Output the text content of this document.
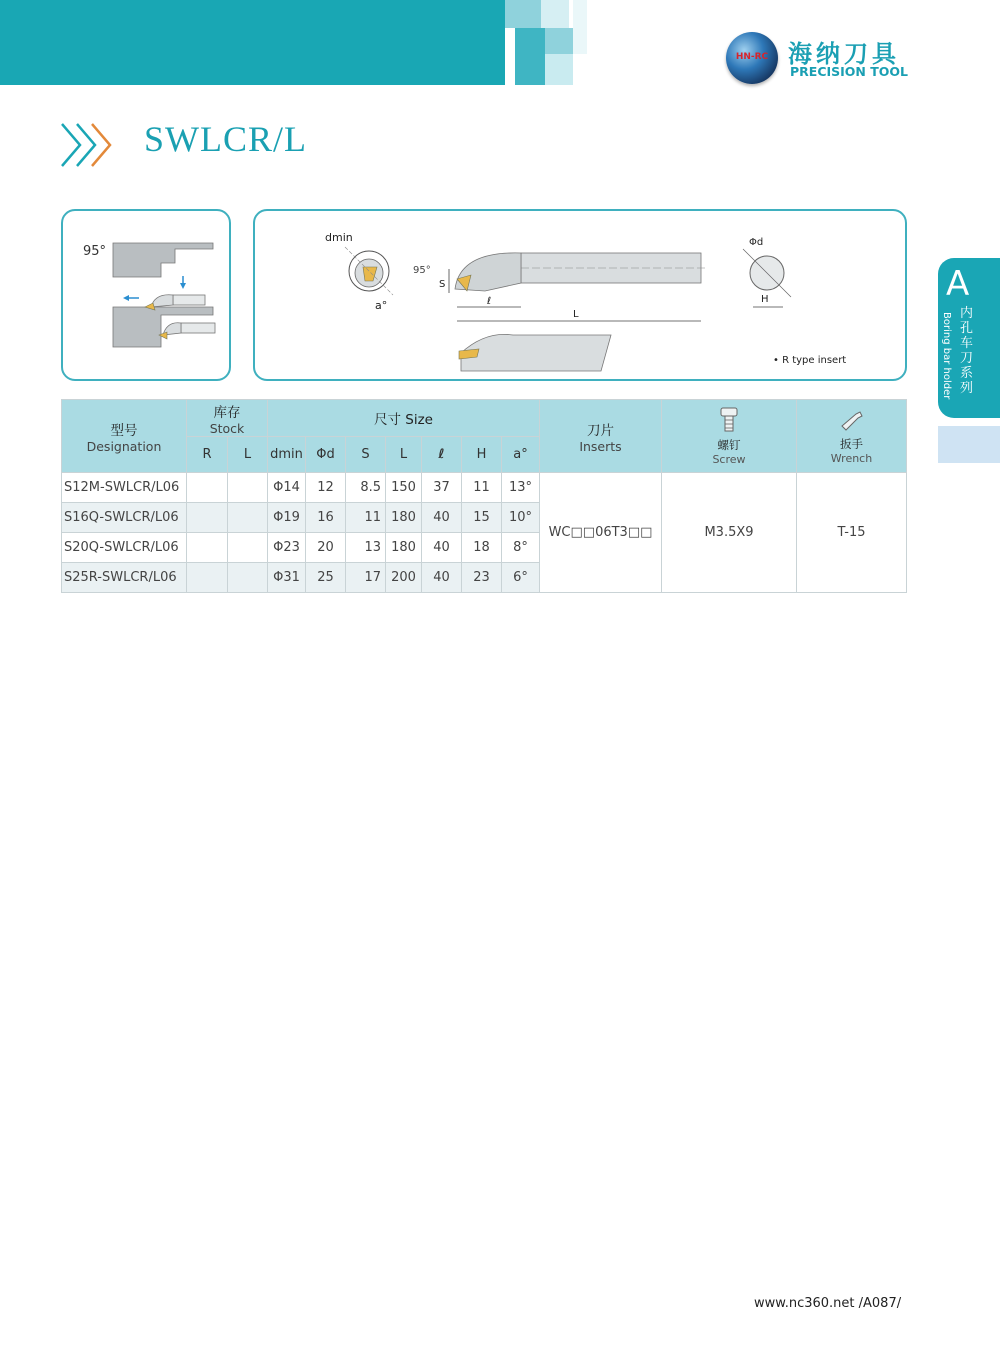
HN-RC 海纳刀具
PRECISION TOOL
SWLCR/L
95°
dmin
a°
95°
S
ℓ
L
Φd
H
• R type insert
A
内孔车刀系列
Boring bar holder
型号
Designation	库存
Stock		尺寸 Size							刀片
Inserts	螺钉
Screw	扳手
Wrench

	R	L	dmin	Φd	S	L	ℓ	H	a°			
S12M-SWLCR/L06			Φ14	12	8.5	150	37	11	13°	WC□□06T3□□	M3.5X9	T-15
S16Q-SWLCR/L06			Φ19	16	11	180	40	15	10°			
S20Q-SWLCR/L06			Φ23	20	13	180	40	18	8°			
S25R-SWLCR/L06			Φ31	25	17	200	40	23	6°			
www.nc360.net /A087/
